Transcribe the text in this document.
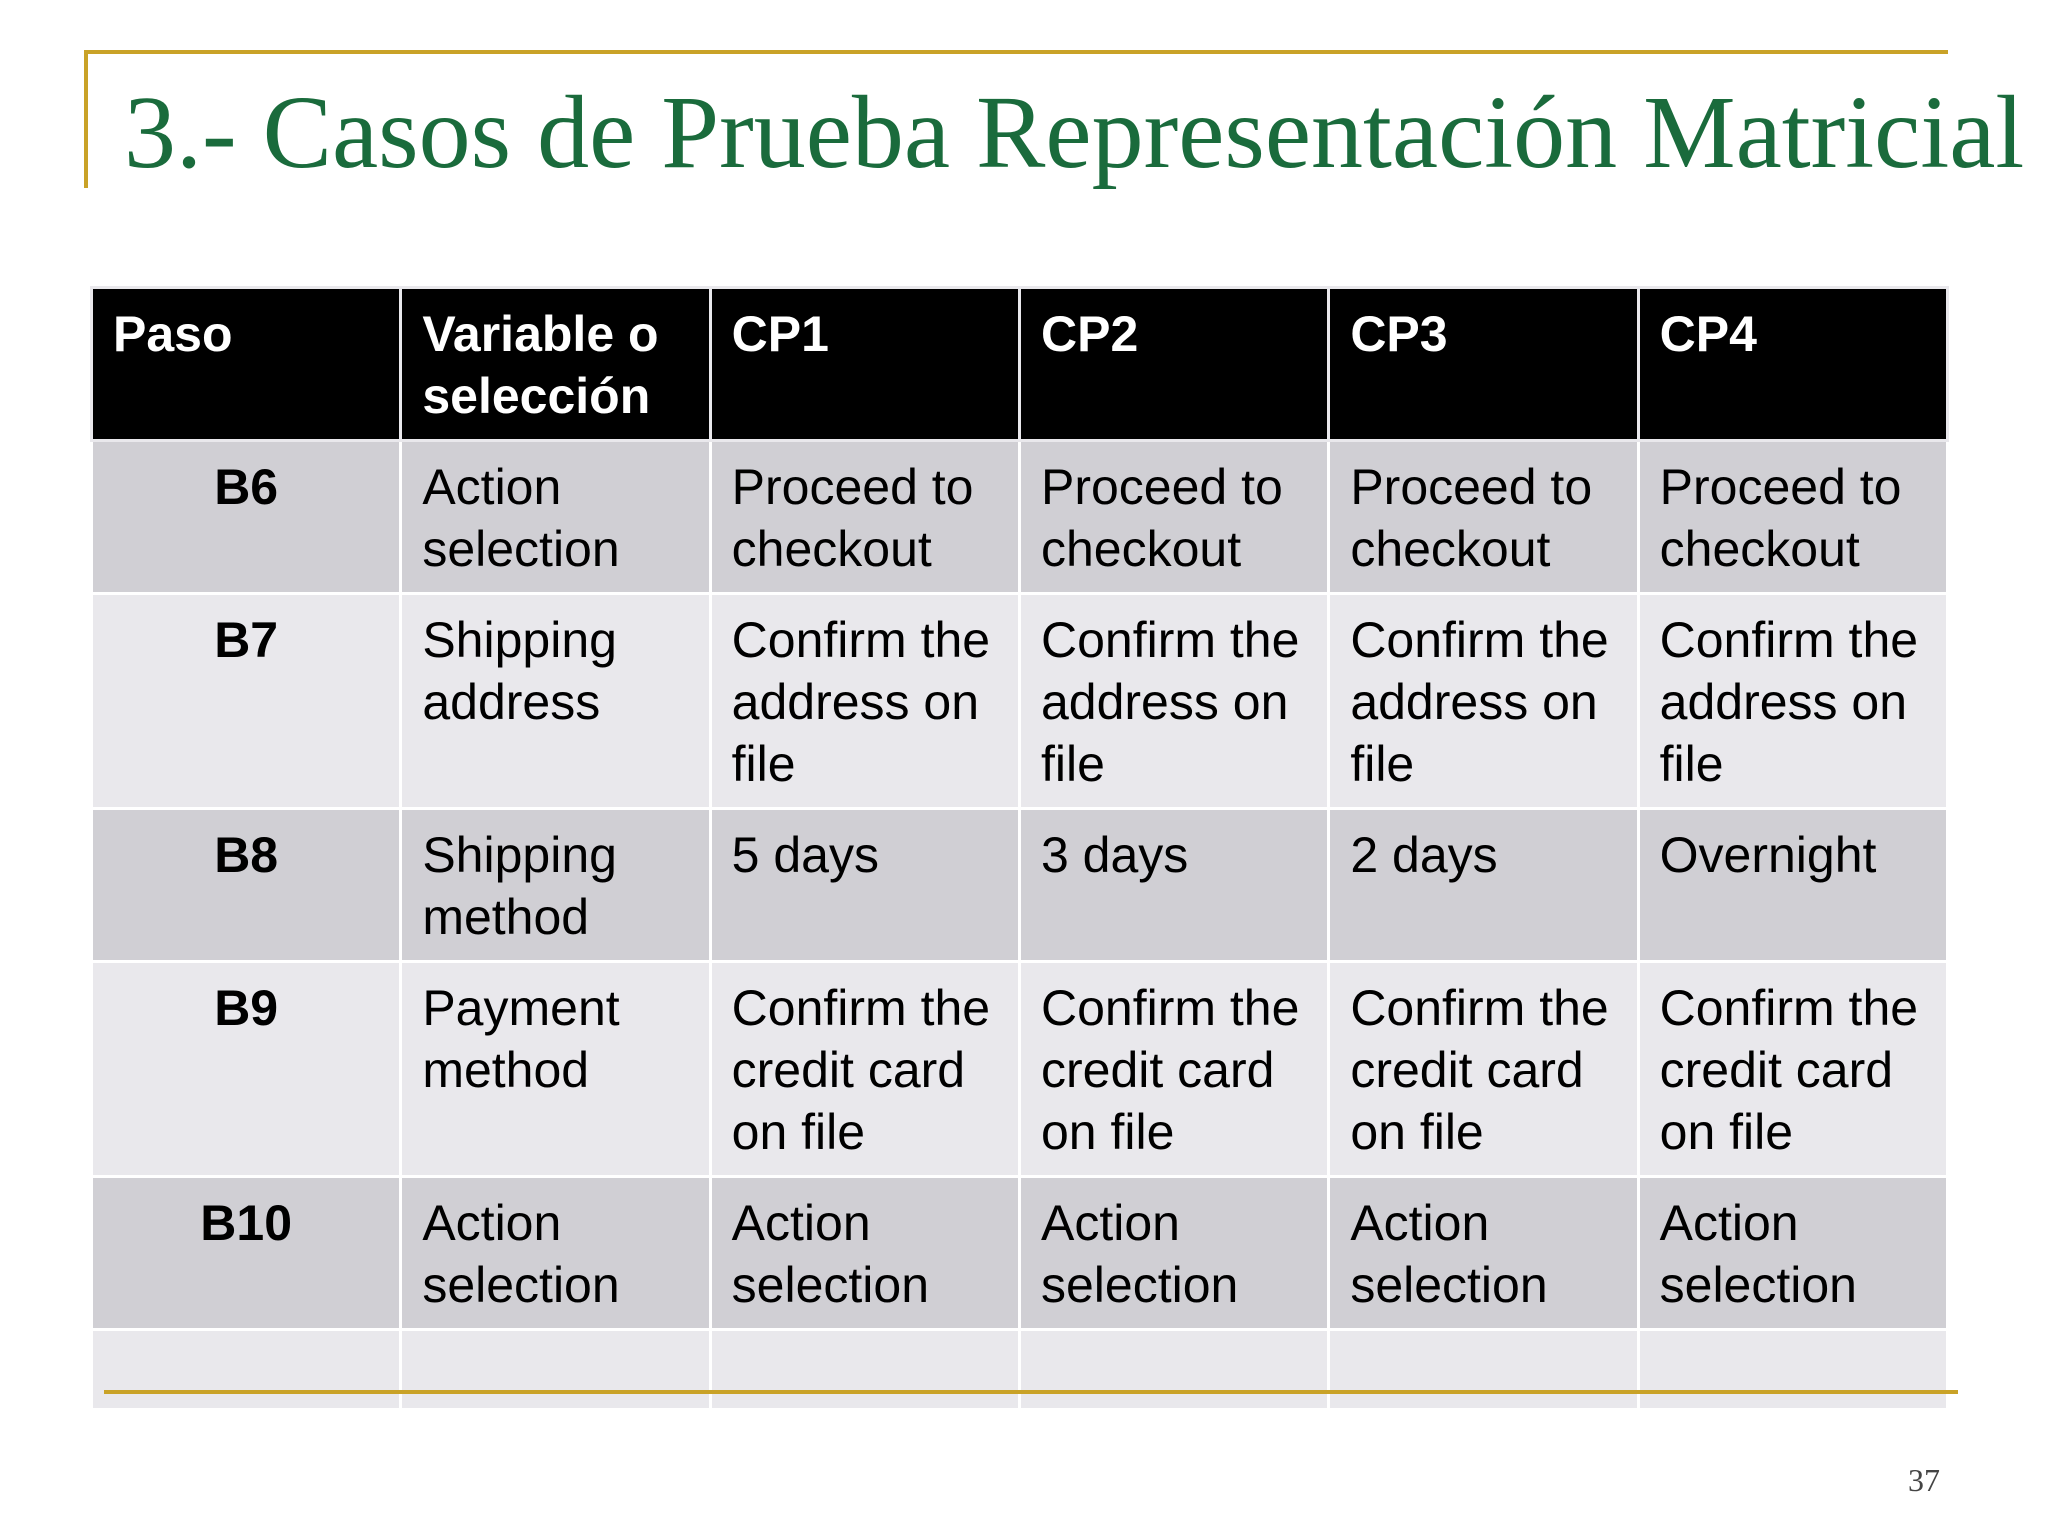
3.- Casos de Prueba Representación Matricial
Paso	Variable o selección	CP1	CP2	CP3	CP4
B6	Action selection	Proceed to checkout	Proceed to checkout	Proceed to checkout	Proceed to checkout
B7	Shipping address	Confirm the address on file	Confirm the address on file	Confirm the address on file	Confirm the address on file
B8	Shipping method	5 days	3 days	2 days	Overnight
B9	Payment method	Confirm the credit card on file	Confirm the credit card on file	Confirm the credit card on file	Confirm the credit card on file
B10	Action selection	Action selection	Action selection	Action selection	Action selection

37
